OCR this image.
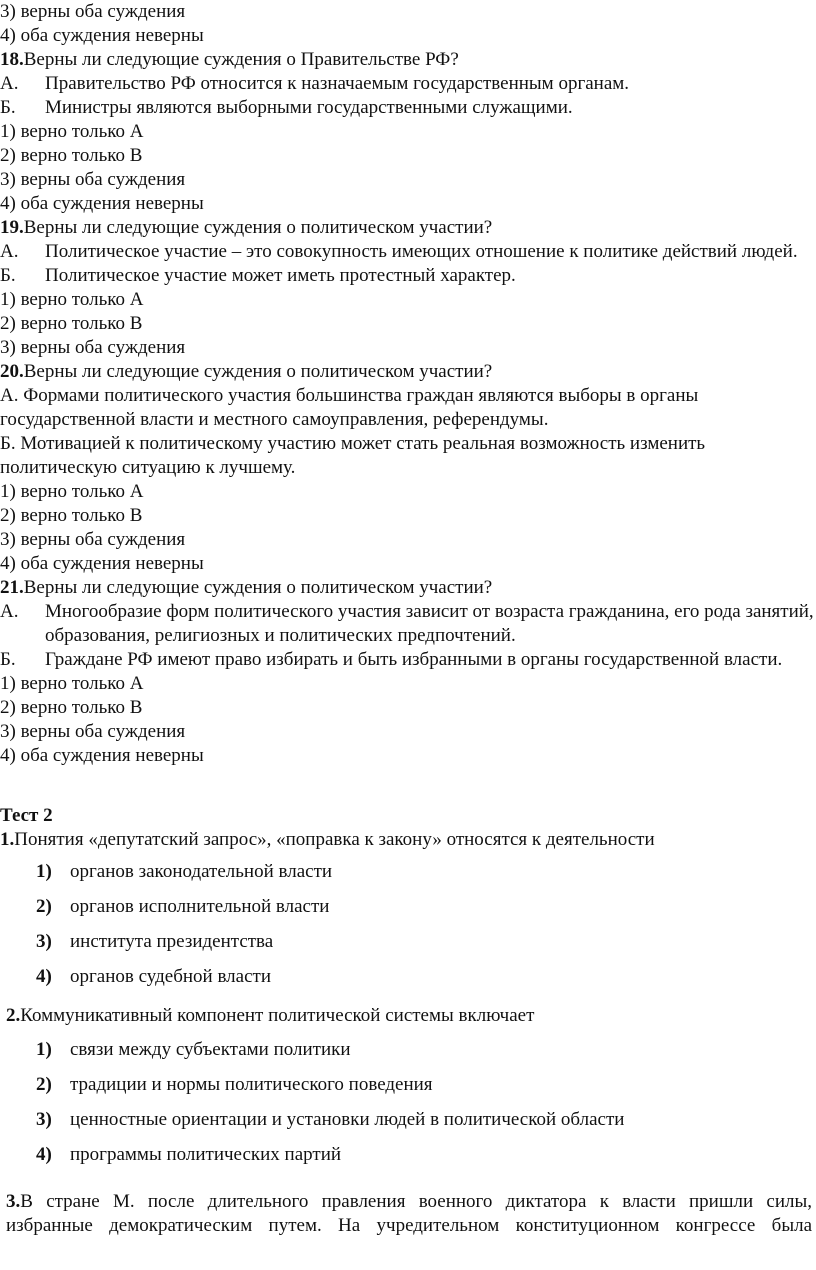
3) верны оба суждения
4) оба суждения неверны
18.Верны ли следующие суждения о Правительстве РФ?
А.	Правительство РФ относится к назначаемым государственным органам.
Б.	Министры являются выборными государственными служащими.
1) верно только А
2) верно только В
3) верны оба суждения
4) оба суждения неверны
19.Верны ли следующие суждения о политическом участии?
А.	Политическое участие – это совокупность имеющих отношение к политике действий людей.
Б.	Политическое участие может иметь протестный характер.
1) верно только А
2) верно только В
3) верны оба суждения
20.Верны ли следующие суждения о политическом участии?
А. Формами политического участия большинства граждан являются выборы в органы
государственной власти и местного самоуправления, референдумы.
Б. Мотивацией к политическому участию может стать реальная возможность изменить
политическую ситуацию к лучшему.
1) верно только А
2) верно только В
3) верны оба суждения
4) оба суждения неверны
21.Верны ли следующие суждения о политическом участии?
А.	Многообразие форм политического участия зависит от возраста гражданина, его рода занятий, образования, религиозных и политических предпочтений.
Б.	Граждане РФ имеют право избирать и быть избранными в органы государственной власти.
1) верно только А
2) верно только В
3) верны оба суждения
4) оба суждения неверны
Тест 2
1.Понятия «депутатский запрос», «поправка к закону» относятся к деятельности
1) органов законодательной власти
2) органов исполнительной власти
3) института президентства
4) органов судебной власти
2.Коммуникативный компонент политической системы включает
1) связи между субъектами политики
2) традиции и нормы политического поведения
3) ценностные ориентации и установки людей в политической области
4) программы политических партий
3.В стране М. после длительного правления военного диктатора к власти пришли силы,
избранные демократическим путем. На учредительном конституционном конгрессе была
